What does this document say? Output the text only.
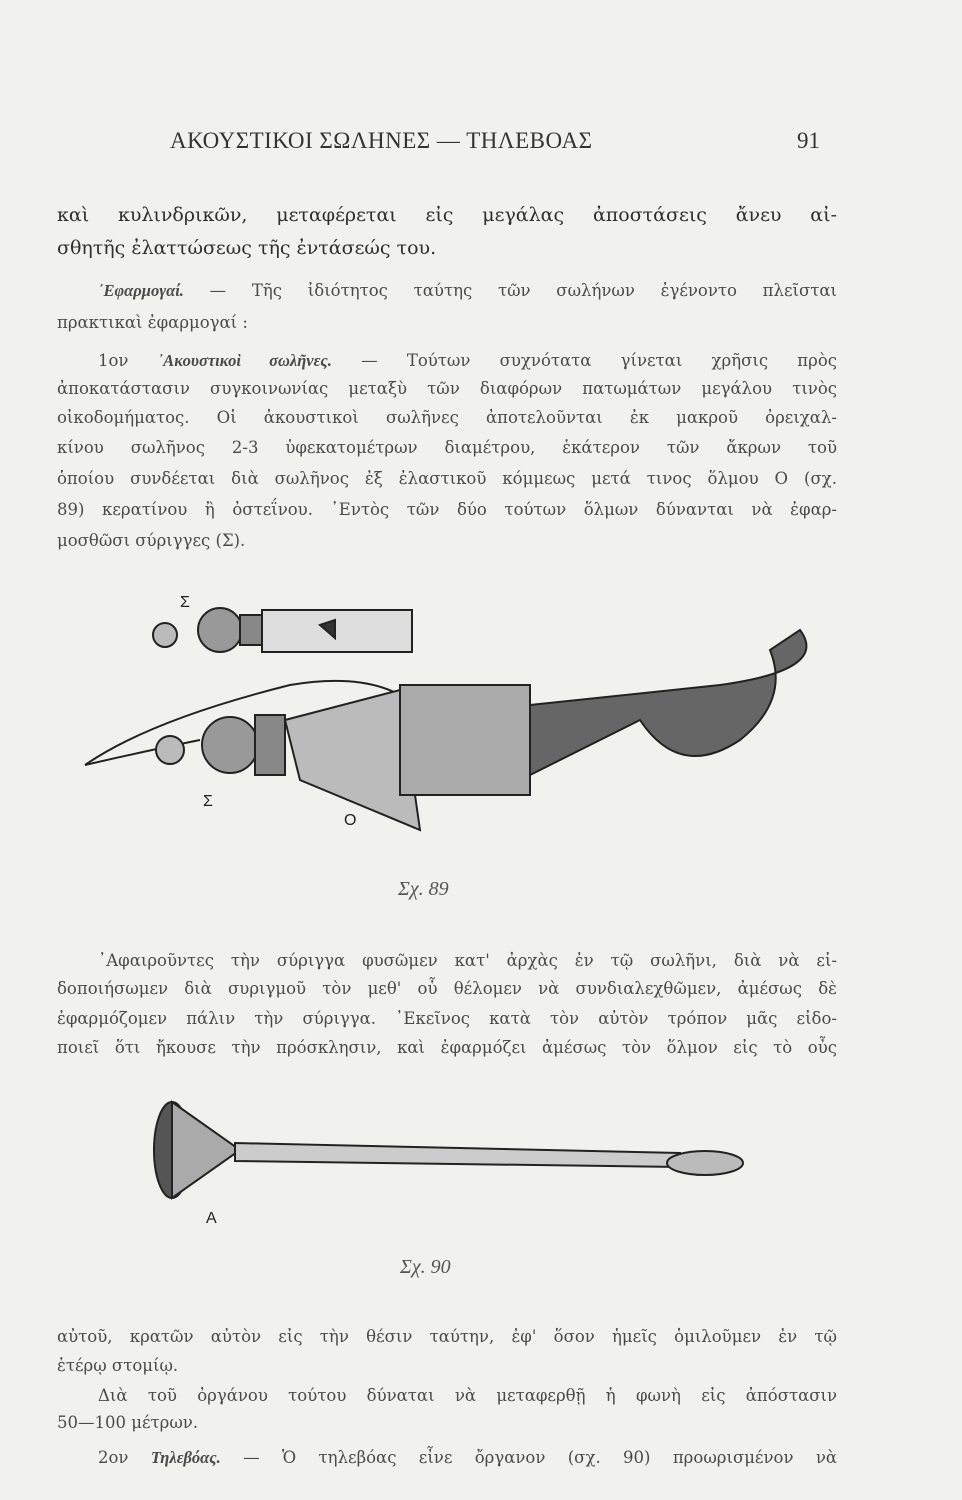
ΑΚΟΥΣΤΙΚΟΙ ΣΩΛΗΝΕΣ — ΤΗΛΕΒΟΑΣ	91
καὶ κυλινδρικῶν, μεταφέρεται εἰς μεγάλας ἀποστάσεις ἄνευ αἰ-
σθητῆς ἐλαττώσεως τῆς ἐντάσεώς του.
᾿Εφαρμογαί. — Τῆς ἰδιότητος ταύτης τῶν σωλήνων ἐγένοντο πλεῖσται
πρακτικαὶ ἐφαρμογαί :
1ον ᾿Ακουστικοὶ σωλῆνες. — Τούτων συχνότατα γίνεται χρῆσις πρὸς
ἀποκατάστασιν συγκοινωνίας μεταξὺ τῶν διαφόρων πατωμάτων μεγάλου τινὸς
οἰκοδομήματος. Οἱ ἀκουστικοὶ σωλῆνες ἀποτελοῦνται ἐκ μακροῦ ὀρειχαλ-
κίνου σωλῆνος 2-3 ὑφεκατομέτρων διαμέτρου, ἑκάτερον τῶν ἄκρων τοῦ
ὁποίου συνδέεται διὰ σωλῆνος ἐξ ἐλαστικοῦ κόμμεως μετά τινος ὅλμου Ο (σχ.
89) κερατίνου ἢ ὀστεΐνου. ᾿Εντὸς τῶν δύο τούτων ὅλμων δύνανται νὰ ἐφαρ-
μοσθῶσι σύριγγες (Σ).
Σ
Σ
O
Σχ. 89
᾿Αφαιροῦντες τὴν σύριγγα φυσῶμεν κατ' ἀρχὰς ἐν τῷ σωλῆνι, διὰ νὰ εἰ-
δοποιήσωμεν διὰ συριγμοῦ τὸν μεθ' οὗ θέλομεν νὰ συνδιαλεχθῶμεν, ἀμέσως δὲ
ἐφαρμόζομεν πάλιν τὴν σύριγγα. ᾿Εκεῖνος κατὰ τὸν αὐτὸν τρόπον μᾶς εἰδο-
ποιεῖ ὅτι ἤκουσε τὴν πρόσκλησιν, καὶ ἐφαρμόζει ἀμέσως τὸν ὅλμον εἰς τὸ οὖς
A
Σχ. 90
αὐτοῦ, κρατῶν αὐτὸν εἰς τὴν θέσιν ταύτην, ἐφ' ὅσον ἡμεῖς ὁμιλοῦμεν ἐν τῷ
ἑτέρῳ στομίῳ.
Διὰ τοῦ ὀργάνου τούτου δύναται νὰ μεταφερθῇ ἡ φωνὴ εἰς ἀπόστασιν
50—100 μέτρων.
2ον Τηλεβόας. — Ὁ τηλεβόας εἶνε ὄργανον (σχ. 90) προωρισμένον νὰ
